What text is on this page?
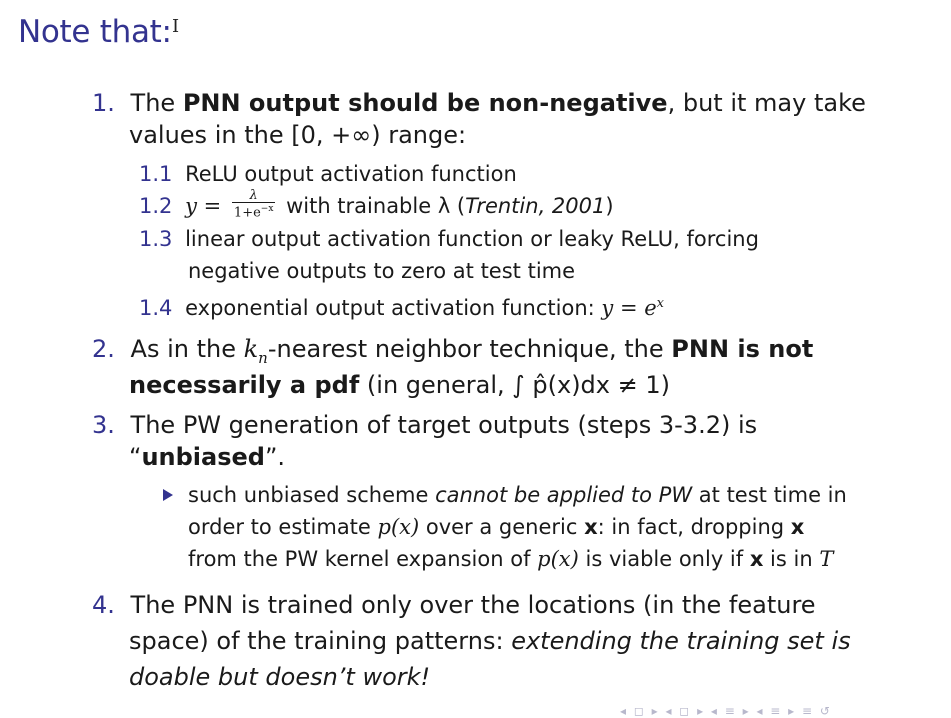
Note that: I
1. The PNN output should be non-negative, but it may take
values in the [0, +∞) range:
1.1 ReLU output activation function
1.2 $y = \frac{\lambda}{1+e^{-x}}$ with trainable λ (Trentin, 2001)
1.3 linear output activation function or leaky ReLU, forcing
negative outputs to zero at test time
1.4 exponential output activation function: $y = e^x$
2. As in the $k_n$-nearest neighbor technique, the PNN is not
necessarily a pdf (in general, ∫ p̂(x)dx ≠ 1)
3. The PW generation of target outputs (steps 3-3.2) is
“unbiased”.
such unbiased scheme cannot be applied to PW at test time in
order to estimate p(x) over a generic x: in fact, dropping x
from the PW kernel expansion of p(x) is viable only if x is in T
4. The PNN is trained only over the locations (in the feature
space) of the training patterns: extending the training set is
doable but doesn’t work!
◂ ◻ ▸ ◂ ◻ ▸ ◂ ≡ ▸ ◂ ≡ ▸ ≡ ↺
